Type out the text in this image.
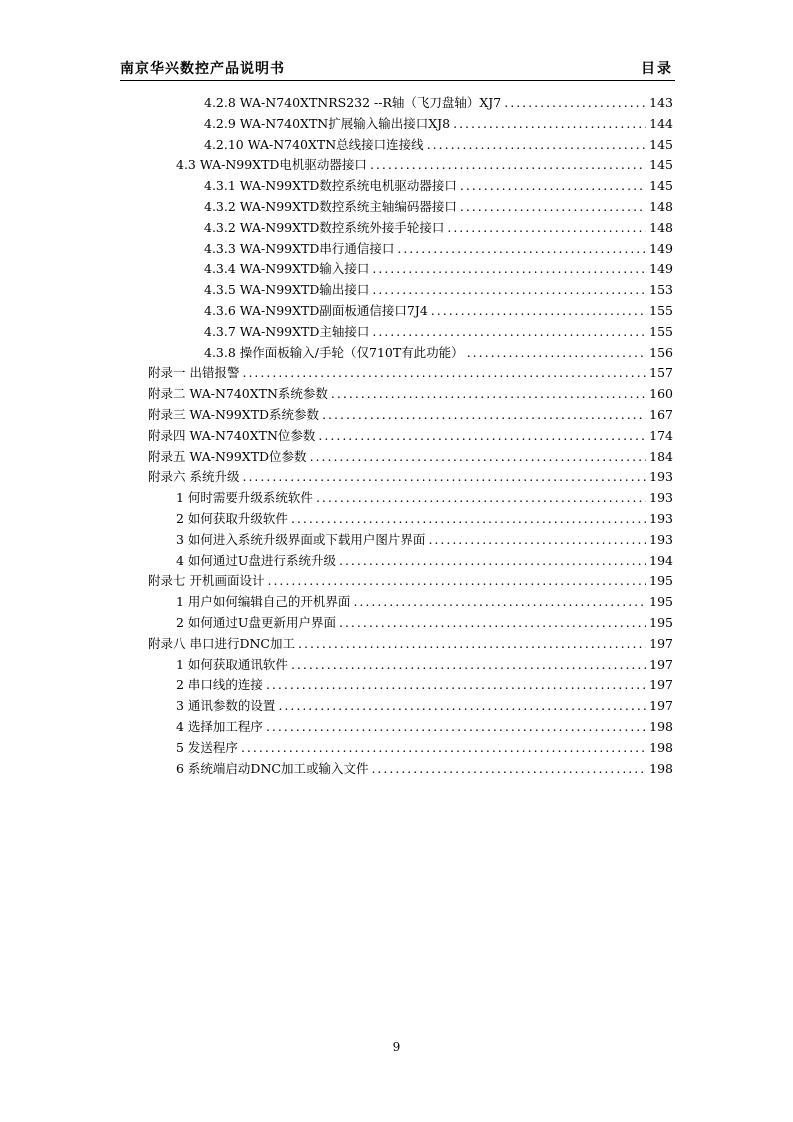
南京华兴数控产品说明书	目录
4.2.8 WA-N740XTNRS232 --R轴（飞刀盘轴）XJ7 .....	143
4.2.9 WA-N740XTN扩展输入输出接口XJ8 .....	144
4.2.10 WA-N740XTN总线接口连接线 .....	145
4.3 WA-N99XTD电机驱动器接口 .....	145
4.3.1 WA-N99XTD数控系统电机驱动器接口 .....	145
4.3.2 WA-N99XTD数控系统主轴编码器接口 .....	148
4.3.2 WA-N99XTD数控系统外接手轮接口 .....	148
4.3.3 WA-N99XTD串行通信接口 .....	149
4.3.4 WA-N99XTD输入接口 .....	149
4.3.5 WA-N99XTD输出接口 .....	153
4.3.6 WA-N99XTD副面板通信接口7J4 .....	155
4.3.7 WA-N99XTD主轴接口 .....	155
4.3.8 操作面板输入/手轮（仅710T有此功能） .....	156
附录一 出错报警 .....	157
附录二 WA-N740XTN系统参数 .....	160
附录三 WA-N99XTD系统参数 .....	167
附录四 WA-N740XTN位参数 .....	174
附录五 WA-N99XTD位参数 .....	184
附录六 系统升级 .....	193
1 何时需要升级系统软件 .....	193
2 如何获取升级软件 .....	193
3 如何进入系统升级界面或下载用户图片界面 .....	193
4 如何通过U盘进行系统升级 .....	194
附录七 开机画面设计 .....	195
1 用户如何编辑自己的开机界面 .....	195
2 如何通过U盘更新用户界面 .....	195
附录八 串口进行DNC加工 .....	197
1 如何获取通讯软件 .....	197
2 串口线的连接 .....	197
3 通讯参数的设置 .....	197
4 选择加工程序 .....	198
5 发送程序 .....	198
6 系统端启动DNC加工或输入文件 .....	198
9
